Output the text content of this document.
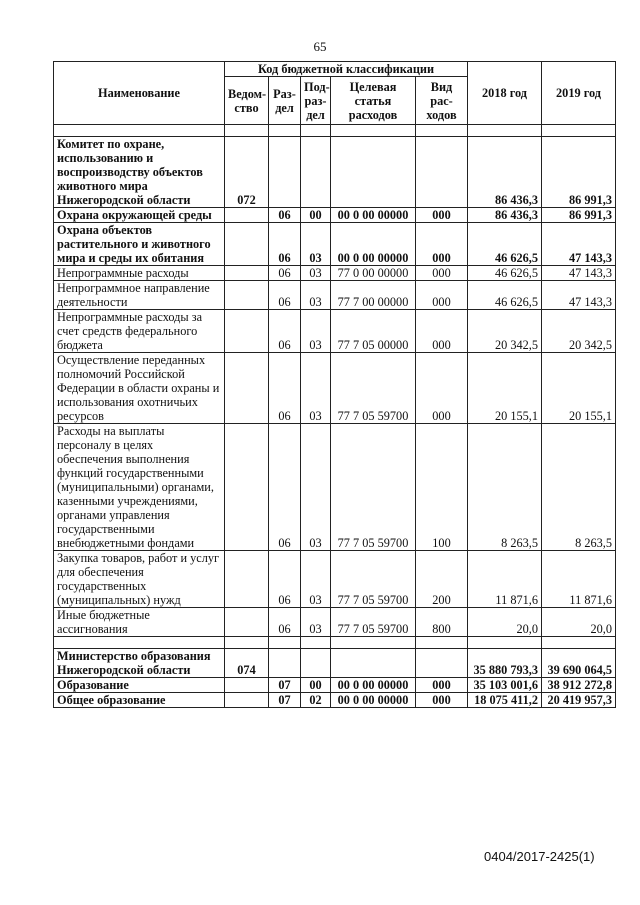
65
Наименование	Код бюджетной классификации					2018 год	2019 год
	Ведом-ство	Раз-дел	Под-раз-дел	Целевая статья расходов	Вид рас-ходов		

Комитет по охране, использованию и воспроизводству объектов животного мира Нижегородской области	072					86 436,3	86 991,3
Охрана окружающей среды		06	00	00 0 00 00000	000	86 436,3	86 991,3
Охрана объектов растительного и животного мира и среды их обитания		06	03	00 0 00 00000	000	46 626,5	47 143,3
Непрограммные расходы		06	03	77 0 00 00000	000	46 626,5	47 143,3
Непрограммное направление деятельности		06	03	77 7 00 00000	000	46 626,5	47 143,3
Непрограммные расходы за счет средств федерального бюджета		06	03	77 7 05 00000	000	20 342,5	20 342,5
Осуществление переданных полномочий Российской Федерации в области охраны и использования охотничьих ресурсов		06	03	77 7 05 59700	000	20 155,1	20 155,1
Расходы на выплаты персоналу в целях обеспечения выполнения функций государственными (муниципальными) органами, казенными учреждениями, органами управления государственными внебюджетными фондами		06	03	77 7 05 59700	100	8 263,5	8 263,5
Закупка товаров, работ и услуг для обеспечения государственных (муниципальных) нужд		06	03	77 7 05 59700	200	11 871,6	11 871,6
Иные бюджетные ассигнования		06	03	77 7 05 59700	800	20,0	20,0

Министерство образования Нижегородской области	074					35 880 793,3	39 690 064,5
Образование		07	00	00 0 00 00000	000	35 103 001,6	38 912 272,8
Общее образование		07	02	00 0 00 00000	000	18 075 411,2	20 419 957,3
0404/2017-2425(1)
